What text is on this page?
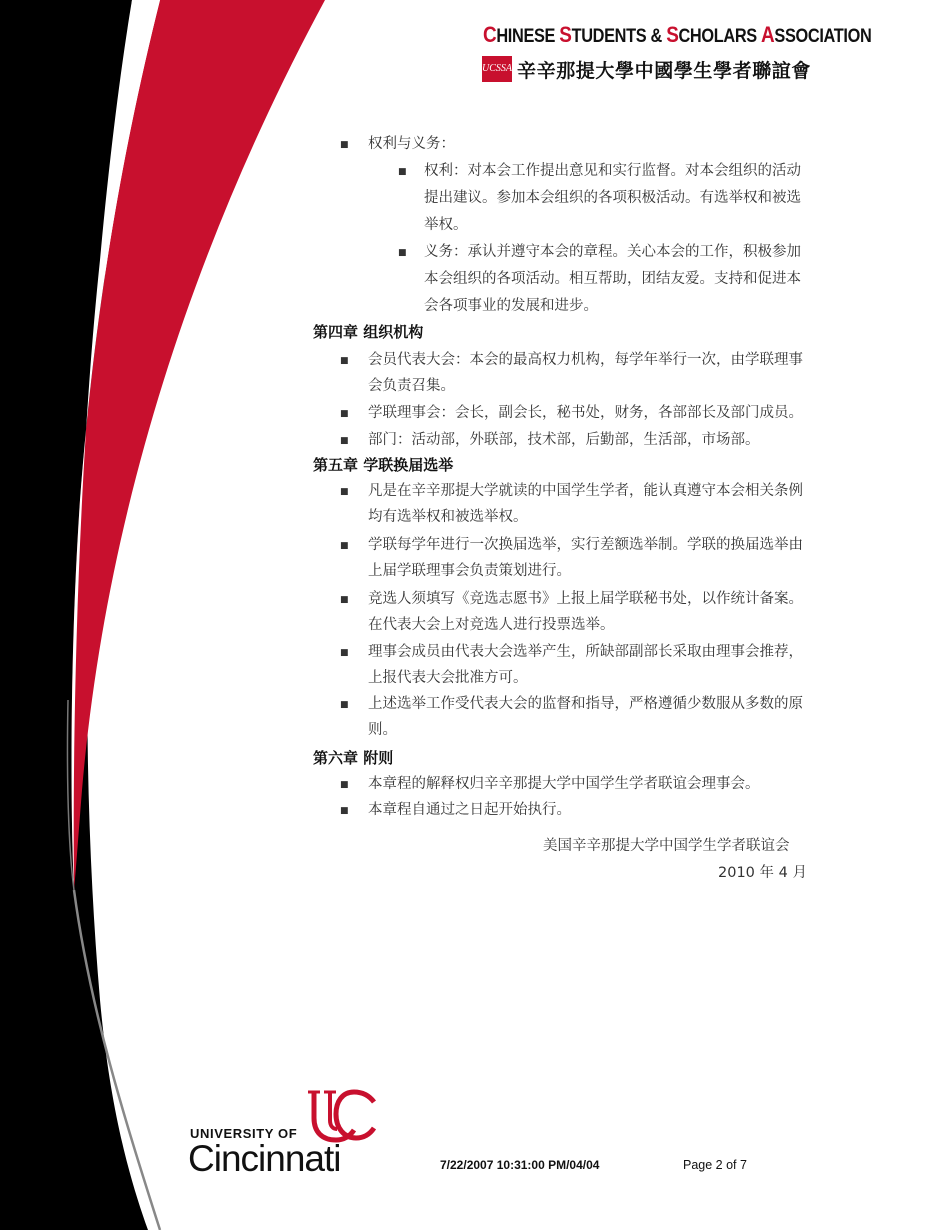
CHINESE STUDENTS & SCHOLARS ASSOCIATION
UCSSA 辛辛那提大學中國學生學者聯誼會
■ 权利与义务：
■ 权利：对本会工作提出意见和实行监督。对本会组织的活动
提出建议。参加本会组织的各项积极活动。有选举权和被选
举权。
■ 义务：承认并遵守本会的章程。关心本会的工作，积极参加
本会组织的各项活动。相互帮助，团结友爱。支持和促进本
会各项事业的发展和进步。
第四章 组织机构
■ 会员代表大会：本会的最高权力机构，每学年举行一次，由学联理事
会负责召集。
■ 学联理事会：会长，副会长，秘书处，财务，各部部长及部门成员。
■ 部门：活动部，外联部，技术部，后勤部，生活部，市场部。
第五章 学联换届选举
■ 凡是在辛辛那提大学就读的中国学生学者，能认真遵守本会相关条例
均有选举权和被选举权。
■ 学联每学年进行一次换届选举，实行差额选举制。学联的换届选举由
上届学联理事会负责策划进行。
■ 竞选人须填写《竞选志愿书》上报上届学联秘书处，以作统计备案。
在代表大会上对竞选人进行投票选举。
■ 理事会成员由代表大会选举产生，所缺部副部长采取由理事会推荐，
上报代表大会批准方可。
■ 上述选举工作受代表大会的监督和指导，严格遵循少数服从多数的原
则。
第六章 附则
■ 本章程的解释权归辛辛那提大学中国学生学者联谊会理事会。
■ 本章程自通过之日起开始执行。
美国辛辛那提大学中国学生学者联谊会
2010 年 4 月
UNIVERSITY OF
Cincinnati	7/22/2007 10:31:00 PM/04/04	Page 2 of 7
